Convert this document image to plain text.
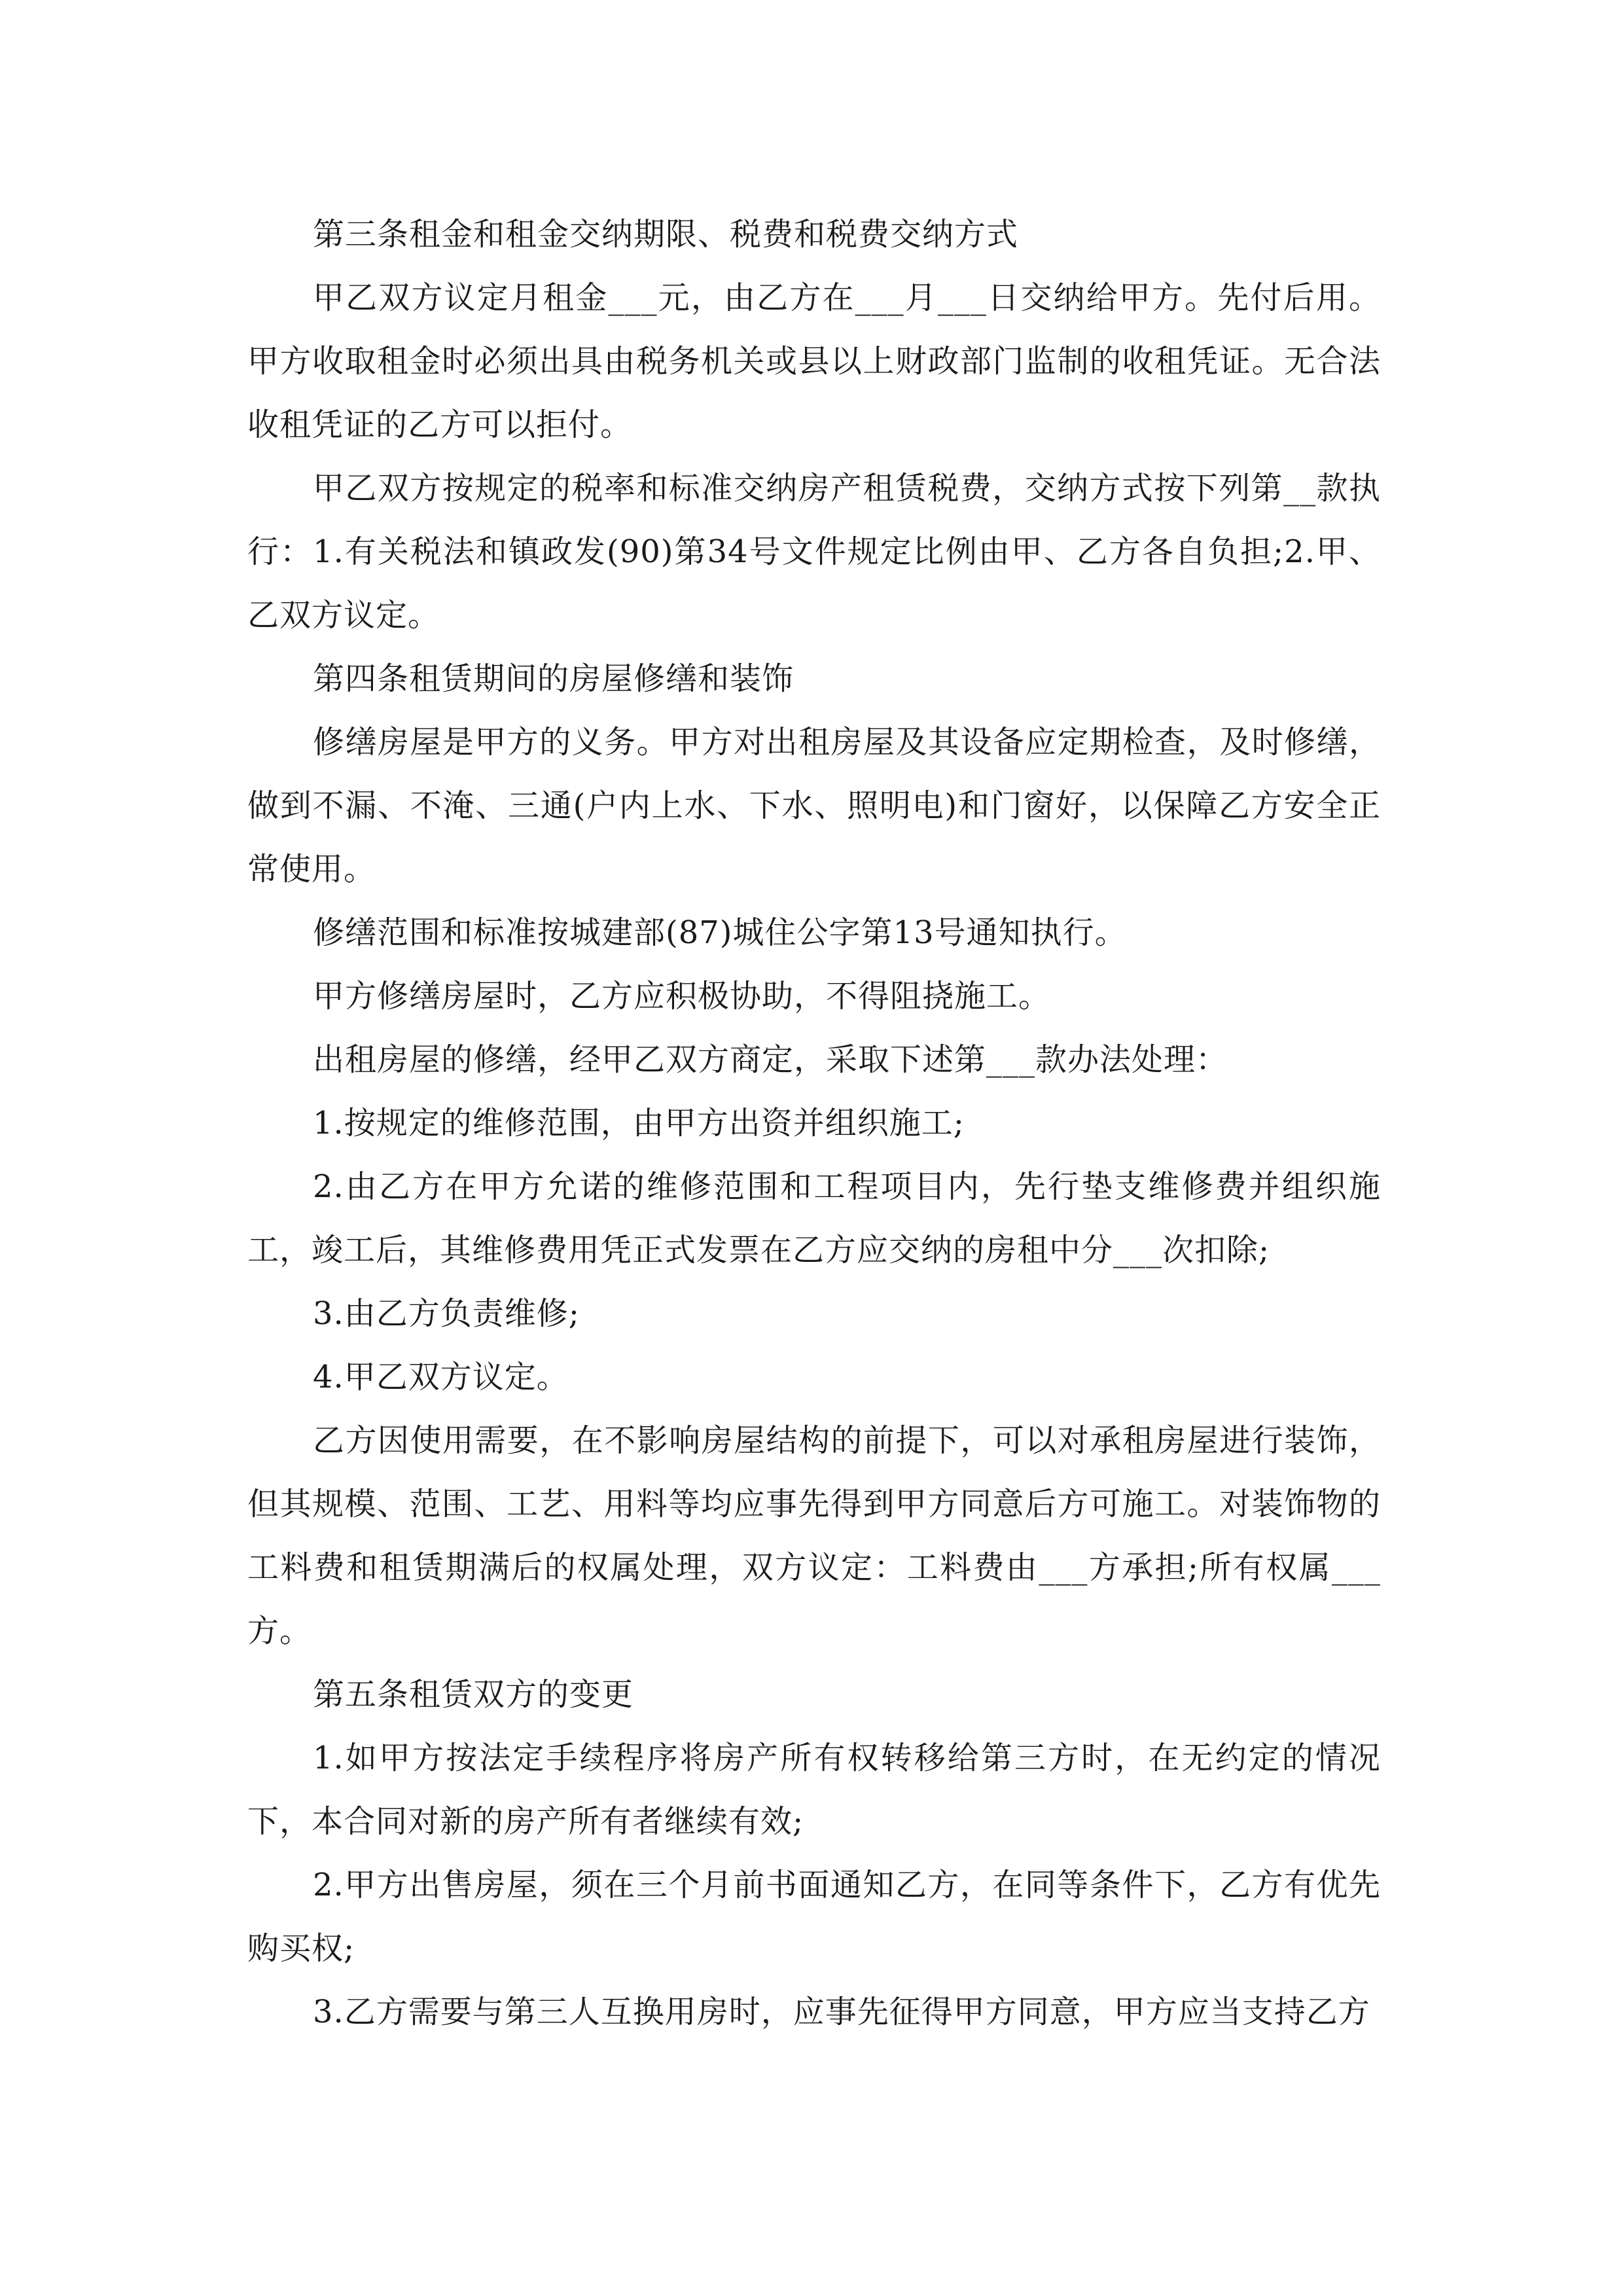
第三条租金和租金交纳期限、税费和税费交纳方式

甲乙双方议定月租金___元，由乙方在___月___日交纳给甲方。先付后用。甲方收取租金时必须出具由税务机关或县以上财政部门监制的收租凭证。无合法收租凭证的乙方可以拒付。

甲乙双方按规定的税率和标准交纳房产租赁税费，交纳方式按下列第__款执行：1.有关税法和镇政发(90)第34号文件规定比例由甲、乙方各自负担;2.甲、乙双方议定。

第四条租赁期间的房屋修缮和装饰

修缮房屋是甲方的义务。甲方对出租房屋及其设备应定期检查，及时修缮，做到不漏、不淹、三通(户内上水、下水、照明电)和门窗好，以保障乙方安全正常使用。

修缮范围和标准按城建部(87)城住公字第13号通知执行。

甲方修缮房屋时，乙方应积极协助，不得阻挠施工。

出租房屋的修缮，经甲乙双方商定，采取下述第___款办法处理：

1.按规定的维修范围，由甲方出资并组织施工;

2.由乙方在甲方允诺的维修范围和工程项目内，先行垫支维修费并组织施工，竣工后，其维修费用凭正式发票在乙方应交纳的房租中分___次扣除;

3.由乙方负责维修;

4.甲乙双方议定。

乙方因使用需要，在不影响房屋结构的前提下，可以对承租房屋进行装饰，但其规模、范围、工艺、用料等均应事先得到甲方同意后方可施工。对装饰物的工料费和租赁期满后的权属处理，双方议定：工料费由___方承担;所有权属___方。

第五条租赁双方的变更

1.如甲方按法定手续程序将房产所有权转移给第三方时，在无约定的情况下，本合同对新的房产所有者继续有效;

2.甲方出售房屋，须在三个月前书面通知乙方，在同等条件下，乙方有优先购买权;

3.乙方需要与第三人互换用房时，应事先征得甲方同意，甲方应当支持乙方
